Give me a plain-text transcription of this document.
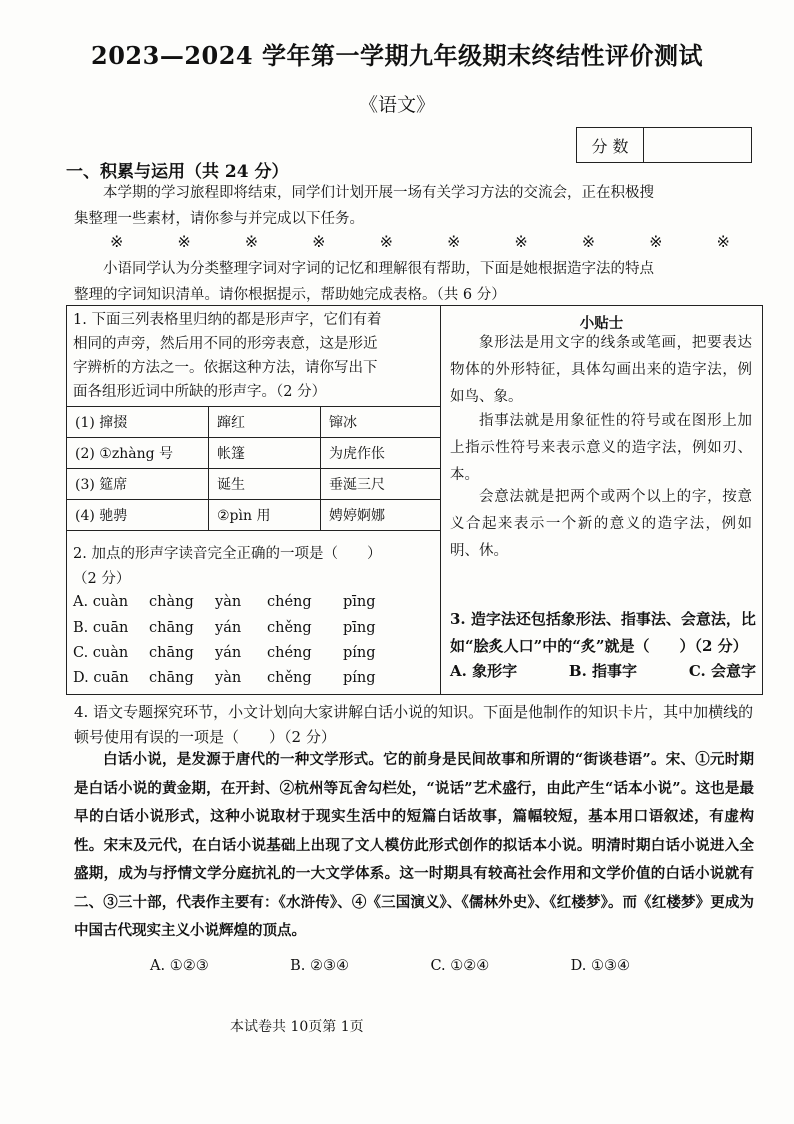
2023—2024 学年第一学期九年级期末终结性评价测试
《语文》
分 数
一、积累与运用（共 24 分）
本学期的学习旅程即将结束，同学们计划开展一场有关学习方法的交流会，正在积极搜
集整理一些素材，请你参与并完成以下任务。
※	※	※	※	※	※	※	※	※	※
小语同学认为分类整理字词对字词的记忆和理解很有帮助，下面是她根据造字法的特点
整理的字词知识清单。请你根据提示，帮助她完成表格。（共 6 分）
1. 下面三列表格里归纳的都是形声字，它们有着
相同的声旁，然后用不同的形旁表意，这是形近
字辨析的方法之一。依据这种方法，请你写出下
面各组形近词中所缺的形声字。（2 分）
(1) 撺掇	蹿红	镩冰
(2) ①zhàng 号	帐篷	为虎作伥
(3) 筵席	诞生	垂涎三尺
(4) 驰骋	②pìn 用	娉婷婀娜
2. 加点的形声字读音完全正确的一项是（　　）
（2 分）
A. cuàn	chàng	yàn	chéng	pīng
B. cuān	chāng	yán	chěng	pīng
C. cuàn	chāng	yán	chéng	píng
D. cuān	chāng	yàn	chěng	píng
小贴士
象形法是用文字的线条或笔画，把要表达物体的外形特征，具体勾画出来的造字法，例如鸟、象。
指事法就是用象征性的符号或在图形上加上指示性符号来表示意义的造字法，例如刃、本。
会意法就是把两个或两个以上的字，按意义合起来表示一个新的意义的造字法，例如明、休。
3. 造字法还包括象形法、指事法、会意法，比如“脍炙人口”中的“炙”就是（　　）（2 分）
A. 象形字	B. 指事字	C. 会意字
4. 语文专题探究环节，小文计划向大家讲解白话小说的知识。下面是他制作的知识卡片，其中加横线的顿号使用有误的一项是（　　）（2 分）
白话小说，是发源于唐代的一种文学形式。它的前身是民间故事和所谓的“街谈巷语”。宋、①元时期是白话小说的黄金期，在开封、②杭州等瓦舍勾栏处，“说话”艺术盛行，由此产生“话本小说”。这也是最早的白话小说形式，这种小说取材于现实生活中的短篇白话故事，篇幅较短，基本用口语叙述，有虚构性。宋末及元代，在白话小说基础上出现了文人模仿此形式创作的拟话本小说。明清时期白话小说进入全盛期，成为与抒情文学分庭抗礼的一大文学体系。这一时期具有较高社会作用和文学价值的白话小说就有二、③三十部，代表作主要有：《水浒传》、④《三国演义》、《儒林外史》、《红楼梦》。而《红楼梦》更成为中国古代现实主义小说辉煌的顶点。
A. ①②③	B. ②③④	C. ①②④	D. ①③④
本试卷共 10页第 1页
